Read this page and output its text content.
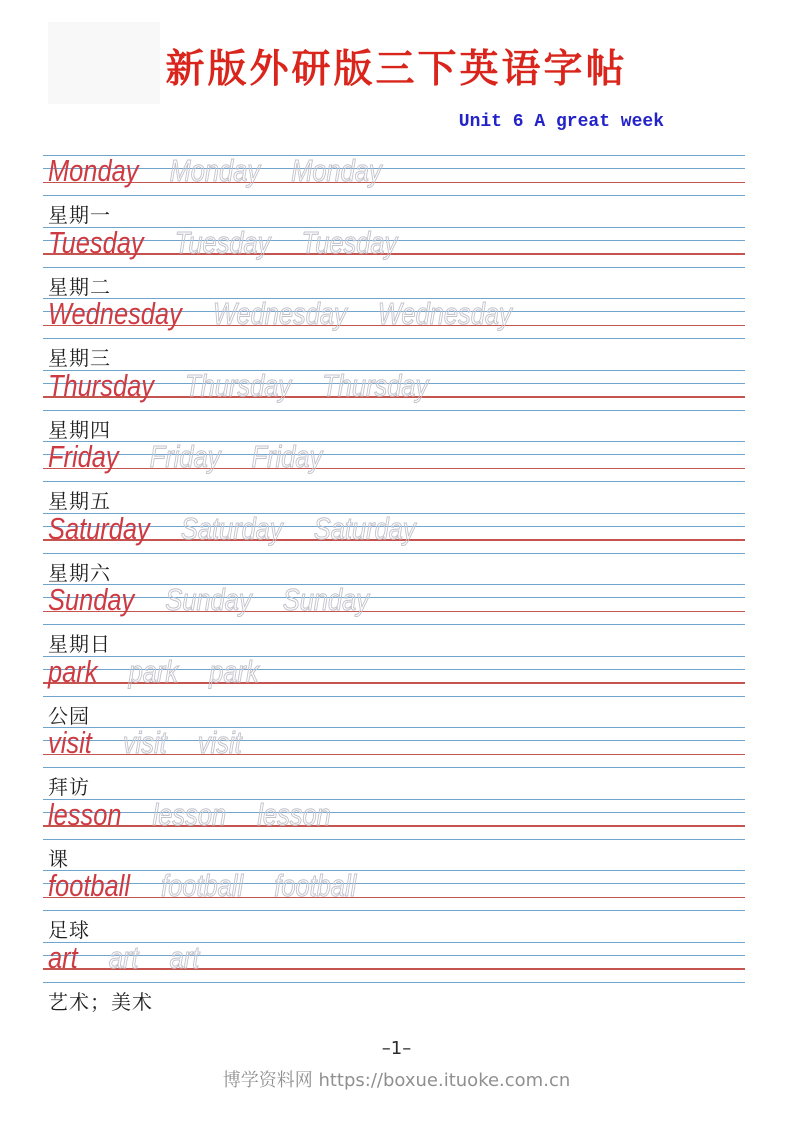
新版外研版三下英语字帖
Unit 6 A great week
Monday Monday Monday
星期一
Tuesday Tuesday Tuesday
星期二
Wednesday Wednesday Wednesday
星期三
Thursday Thursday Thursday
星期四
Friday Friday Friday
星期五
Saturday Saturday Saturday
星期六
Sunday Sunday Sunday
星期日
park park park
公园
visit visit visit
拜访
lesson lesson lesson
课
football football football
足球
art art art
艺术；美术
–1–
博学资料网 https://boxue.ituoke.com.cn
